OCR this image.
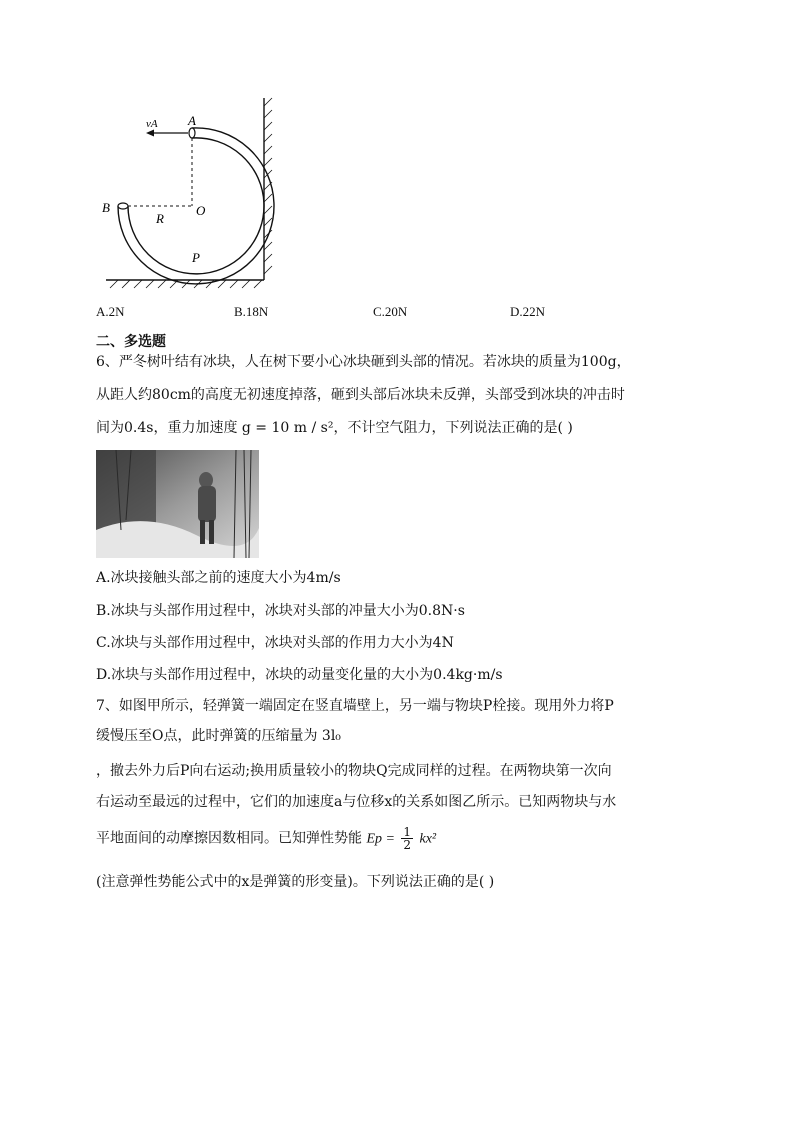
vA A
B	O
R
P
A.2N	B.18N	C.20N	D.22N
二、多选题
6、严冬树叶结有冰块，人在树下要小心冰块砸到头部的情况。若冰块的质量为100g，
从距人约80cm的高度无初速度掉落，砸到头部后冰块未反弹，头部受到冰块的冲击时
间为0.4s，重力加速度 g = 10 m / s²，不计空气阻力，下列说法正确的是( )
A.冰块接触头部之前的速度大小为4m/s
B.冰块与头部作用过程中，冰块对头部的冲量大小为0.8N·s
C.冰块与头部作用过程中，冰块对头部的作用力大小为4N
D.冰块与头部作用过程中，冰块的动量变化量的大小为0.4kg·m/s
7、如图甲所示，轻弹簧一端固定在竖直墙壁上，另一端与物块P栓接。现用外力将P
缓慢压至O点，此时弹簧的压缩量为 3l₀
，撤去外力后P向右运动;换用质量较小的物块Q完成同样的过程。在两物块第一次向
右运动至最远的过程中，它们的加速度a与位移x的关系如图乙所示。已知两物块与水
平地面间的动摩擦因数相同。已知弹性势能 $Ep = \frac{1}{2} kx^2$
(注意弹性势能公式中的x是弹簧的形变量)。下列说法正确的是( )
